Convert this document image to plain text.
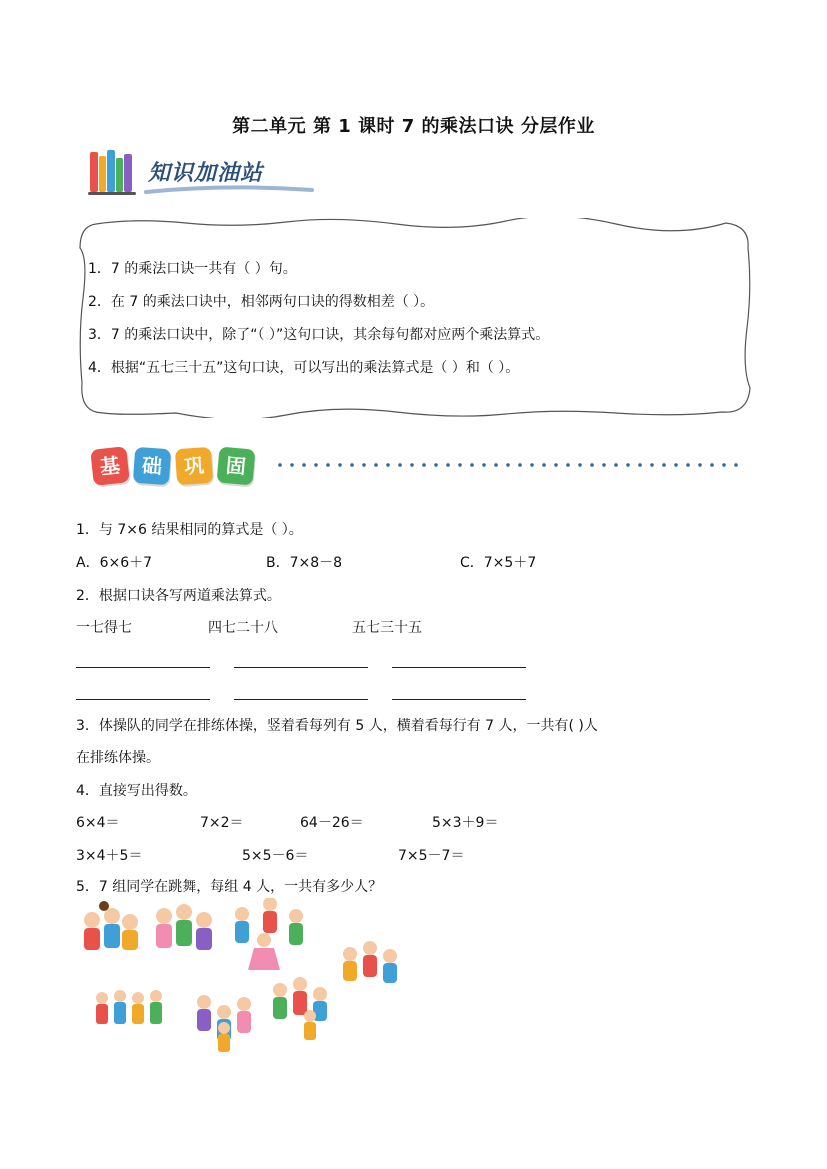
第二单元 第 1 课时 7 的乘法口诀 分层作业
知识加油站
1．7 的乘法口诀一共有（ ）句。
2．在 7 的乘法口诀中，相邻两句口诀的得数相差（ ）。
3．7 的乘法口诀中，除了“（ ）”这句口诀，其余每句都对应两个乘法算式。
4．根据“五七三十五”这句口诀，可以写出的乘法算式是（ ）和（ ）。
基 础	巩	固
1．与 7×6 结果相同的算式是（ ）。
A．6×6＋7	B．7×8－8	C．7×5＋7
2．根据口诀各写两道乘法算式。
一七得七	四七二十八	五七三十五
3．体操队的同学在排练体操，竖着看每列有 5 人，横着看每行有 7 人，一共有( )人
在排练体操。
4．直接写出得数。
6×4＝	7×2＝	64－26＝	5×3＋9＝
3×4＋5＝	5×5－6＝	7×5－7＝
5．7 组同学在跳舞，每组 4 人，一共有多少人？
